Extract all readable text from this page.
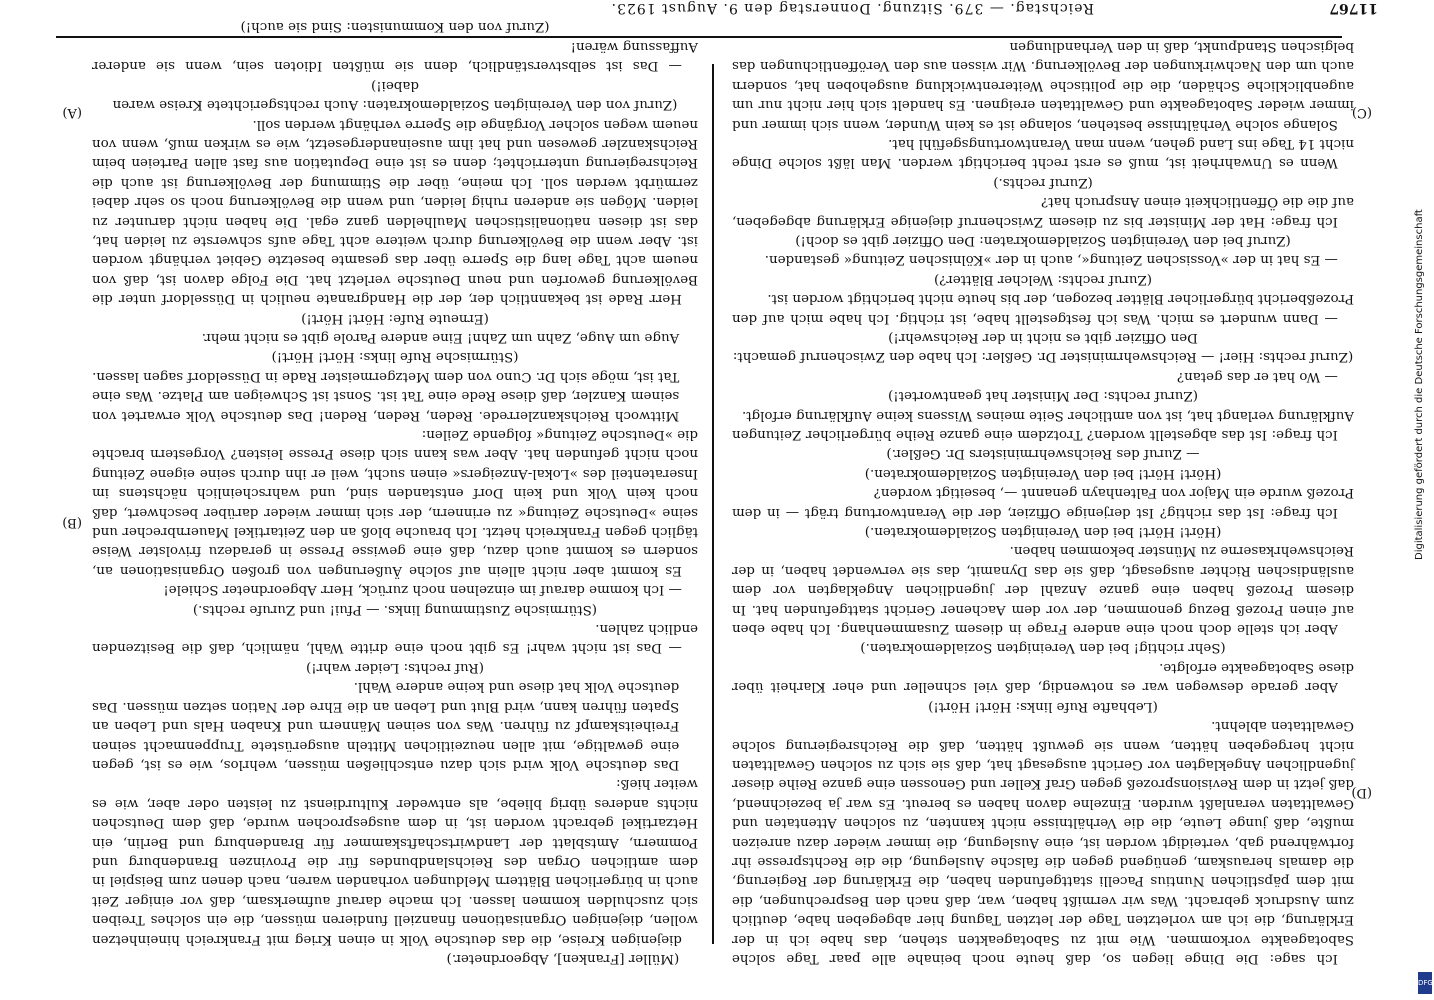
11767
Reichstag. — 379. Sitzung. Donnerstag den 9. August 1923.
(C)
(D)
(A)
(B)

Ich sage: Die Dinge liegen so, daß heute noch beinahe alle paar Tage solche Sabotageakte vorkommen. Wie mit zu Sabotageakten stehen, das habe ich in der Erklärung, die ich am vorletzten Tage der letzten Tagung hier abgegeben habe, deutlich zum Ausdruck gebracht. Was wir vermißt haben, war, daß nach den Besprechungen, die mit dem päpstlichen Nuntius Pacelli stattgefunden haben, die Erklärung der Regierung, die damals herauskam, genügend gegen die falsche Auslegung, die die Rechtspresse ihr fortwährend gab, verteidigt worden ist, eine Auslegung, die immer wieder dazu anreizen mußte, daß junge Leute, die die Verhältnisse nicht kannten, zu solchen Attentaten und Gewalttaten veranlaßt wurden. Einzelne davon haben es bereut. Es war ja bezeichnend, daß jetzt in dem Revisionsprozeß gegen Graf Keller und Genossen eine ganze Reihe dieser jugendlichen Angeklagten vor Gericht ausgesagt hat, daß sie sich zu solchen Gewalttaten nicht hergegeben hätten, wenn sie gewußt hätten, daß die Reichsregierung solche Gewalttaten ablehnt.

(Lebhafte Rufe links: Hört! Hört!)

Aber gerade deswegen war es notwendig, daß viel schneller und eher Klarheit über diese Sabotageakte erfolgte.

(Sehr richtig! bei den Vereinigten Sozialdemokraten.)

Aber ich stelle doch noch eine andere Frage in diesem Zusammenhang. Ich habe eben auf einen Prozeß Bezug genommen, der vor dem Aachener Gericht stattgefunden hat. In diesem Prozeß haben eine ganze Anzahl der jugendlichen Angeklagten vor dem ausländischen Richter ausgesagt, daß sie das Dynamit, das sie verwendet haben, in der Reichswehrkaserne zu Münster bekommen haben.

(Hört! Hört! bei den Vereinigten Sozialdemokraten.)

Ich frage: Ist das richtig? Ist derjenige Offizier, der die Verantwortung trägt — in dem Prozeß wurde ein Major von Faltenhayn genannt —, beseitigt worden?

(Hört! Hört! bei den Vereinigten Sozialdemokraten.)

— Zuruf des Reichswehrministers Dr. Geßler.)

Ich frage: Ist das abgestellt worden? Trotzdem eine ganze Reihe bürgerlicher Zeitungen Aufklärung verlangt hat, ist von amtlicher Seite meines Wissens keine Aufklärung erfolgt.

(Zuruf rechts: Der Minister hat geantwortet!)

— Wo hat er das getan?

(Zuruf rechts: Hier! — Reichswehrminister Dr. Geßler: Ich habe den Zwischenruf gemacht: Den Offizier gibt es nicht in der Reichswehr!)

— Dann wundert es mich. Was ich festgestellt habe, ist richtig. Ich habe mich auf den Prozeßbericht bürgerlicher Blätter bezogen, der bis heute nicht berichtigt worden ist.

(Zuruf rechts: Welcher Blätter?)

— Es hat in der »Vossischen Zeitung«, auch in der »Kölnischen Zeitung« gestanden.

(Zuruf bei den Vereinigten Sozialdemokraten: Den Offizier gibt es doch!)

Ich frage: Hat der Minister bis zu diesem Zwischenruf diejenige Erklärung abgegeben, auf die die Öffentlichkeit einen Anspruch hat?

(Zuruf rechts.)

Wenn es Unwahrheit ist, muß es erst recht berichtigt werden. Man läßt solche Dinge nicht 14 Tage ins Land gehen, wenn man Verantwortungsgefühl hat.

Solange solche Verhältnisse bestehen, solange ist es kein Wunder, wenn sich immer und immer wieder Sabotageakte und Gewalttaten ereignen. Es handelt sich hier nicht nur um augenblickliche Schäden, die die politische Weiterentwicklung ausgehoben hat, sondern auch um den Nachwirkungen der Bevölkerung. Wir wissen aus den Veröffentlichungen das belgischen Standpunkt, daß in den Verhandlungen

(Müller [Franken], Abgeordneter.)

diejenigen Kreise, die das deutsche Volk in einen Krieg mit Frankreich hineinhetzen wollen, diejenigen Organisationen finanziell fundieren müssen, die ein solches Treiben sich zuschulden kommen lassen. Ich mache darauf aufmerksam, daß vor einiger Zeit auch in bürgerlichen Blättern Meldungen vorhanden waren, nach denen zum Beispiel in dem amtlichen Organ des Reichslandbundes für die Provinzen Brandenburg und Pommern, Amtsblatt der Landwirtschaftskammer für Brandenburg und Berlin, ein Hetzartikel gebracht worden ist, in dem ausgesprochen wurde, daß dem Deutschen nichts anderes übrig bliebe, als entweder Kulturdienst zu leisten oder aber, wie es weiter hieß:

Das deutsche Volk wird sich dazu entschließen müssen, wehrlos, wie es ist, gegen eine gewaltige, mit allen neuzeitlichen Mitteln ausgerüstete Truppenmacht seinen Freiheitskampf zu führen. Was von seinen Männern und Knaben Hals und Leben an Spaten führen kann, wird Blut und Leben an die Ehre der Nation setzen müssen. Das deutsche Volk hat diese und keine andere Wahl.

(Ruf rechts: Leider wahr!)

— Das ist nicht wahr! Es gibt noch eine dritte Wahl, nämlich, daß die Besitzenden endlich zahlen.

(Stürmische Zustimmung links. — Pfui! und Zurufe rechts.)

— Ich komme darauf im einzelnen noch zurück, Herr Abgeordneter Schiele!

Es kommt aber nicht allein auf solche Äußerungen von großen Organisationen an, sondern es kommt auch dazu, daß eine gewisse Presse in geradezu frivolster Weise täglich gegen Frankreich hetzt. Ich brauche bloß an den Zeitartikel Mauernbrecher und seine »Deutsche Zeitung« zu erinnern, der sich immer wieder darüber beschwert, daß noch kein Volk und kein Dorf entstanden sind, und wahrscheinlich nächstens im Inseratenteil des »Lokal-Anzeigers« einen sucht, weil er ihn durch seine eigene Zeitung noch nicht gefunden hat. Aber was kann sich diese Presse leisten? Vorgestern brachte die »Deutsche Zeitung« folgende Zeilen:

Mittwoch Reichskanzlerrede. Reden, Reden, Reden! Das deutsche Volk erwartet von seinem Kanzler, daß diese Rede eine Tat ist. Sonst ist Schweigen am Platze. Was eine Tat ist, möge sich Dr. Cuno von dem Metzgermeister Rade in Düsseldorf sagen lassen.

(Stürmische Rufe links: Hört! Hört!)

Auge um Auge, Zahn um Zahn! Eine andere Parole gibt es nicht mehr.

(Erneute Rufe: Hört! Hört!)

Herr Rade ist bekanntlich der, der die Handgranate neulich in Düsseldorf unter die Bevölkerung geworfen und neun Deutsche verletzt hat. Die Folge davon ist, daß von neuem acht Tage lang die Sperre über das gesamte besetzte Gebiet verhängt worden ist. Aber wenn die Bevölkerung durch weitere acht Tage aufs schwerste zu leiden hat, das ist diesen nationalistischen Maulhelden ganz egal. Die haben nicht darunter zu leiden. Mögen sie anderen ruhig leiden, und wenn die Bevölkerung noch so sehr dabei zermürbt werden soll. Ich meine, über die Stimmung der Bevölkerung ist auch die Reichsregierung unterrichtet; denn es ist eine Deputation aus fast allen Parteien beim Reichskanzler gewesen und hat ihm auseinandergesetzt, wie es wirken muß, wenn von neuem wegen solcher Vorgänge die Sperre verhängt werden soll.

(Zuruf von den Vereinigten Sozialdemokraten: Auch rechtsgerichtete Kreise waren dabei!)

— Das ist selbstverständlich, denn sie müßten Idioten sein, wenn sie anderer Auffassung wären!

(Zuruf von den Kommunisten: Sind sie auch!)

Digitalisierung gefördert durch die Deutsche Forschungsgemeinschaft
DFG
